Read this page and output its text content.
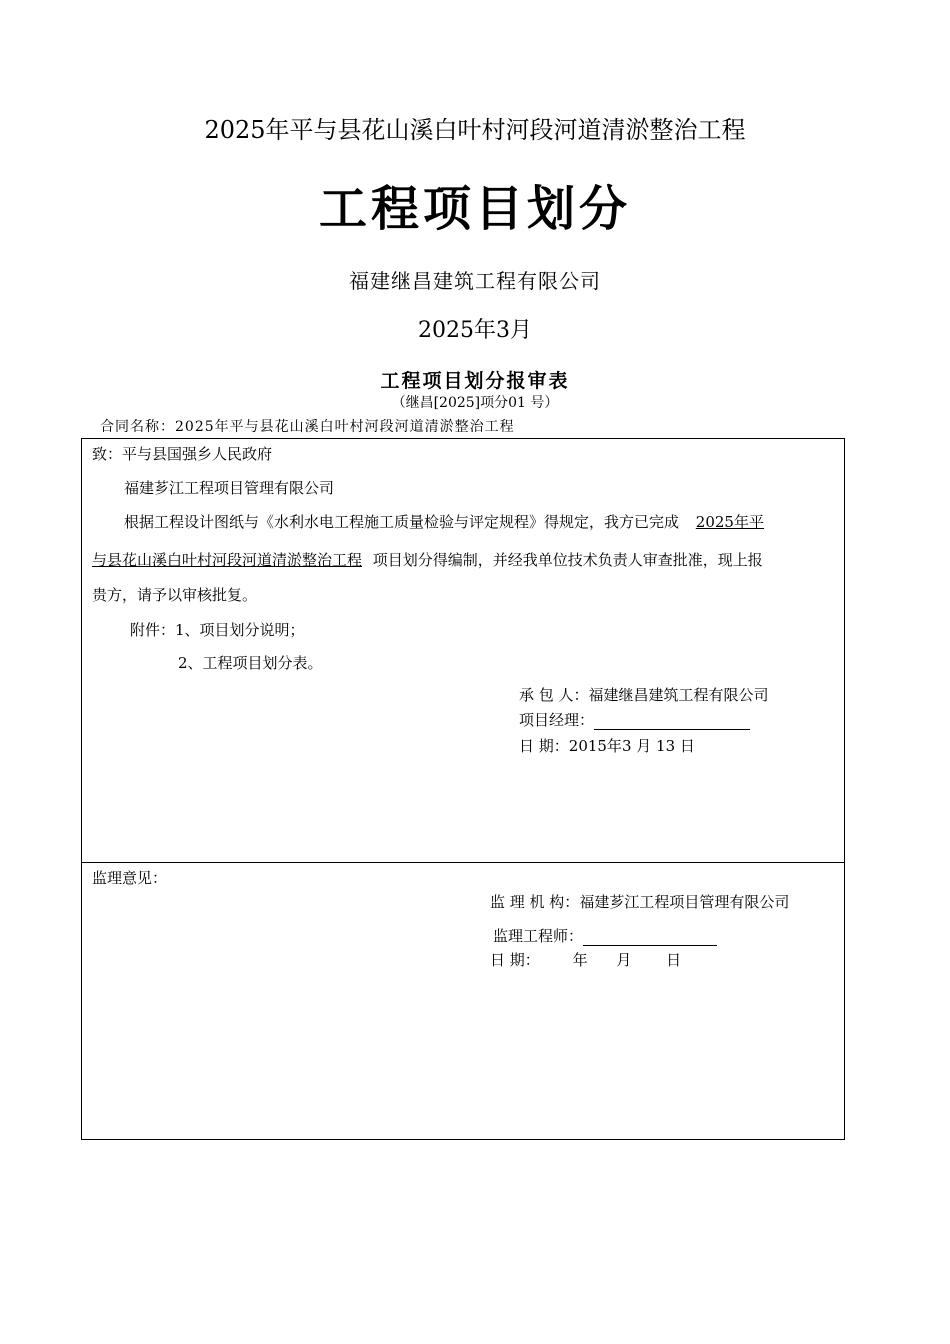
2025年平与县花山溪白叶村河段河道清淤整治工程
工程项目划分
福建继昌建筑工程有限公司
2025年3月
工程项目划分报审表
（继昌[2025]项分01 号）
合同名称：2025年平与县花山溪白叶村河段河道清淤整治工程
致：平与县国强乡人民政府
福建芗江工程项目管理有限公司
根据工程设计图纸与《水利水电工程施工质量检验与评定规程》得规定，我方已完成 2025年平
与县花山溪白叶村河段河道清淤整治工程 项目划分得编制，并经我单位技术负责人审查批准，现上报
贵方，请予以审核批复。
附件：1、项目划分说明；
2、工程项目划分表。
承 包 人：福建继昌建筑工程有限公司
项目经理：
日 期：2015年3 月 13 日
监理意见：
监 理 机 构：福建芗江工程项目管理有限公司
监理工程师：
日 期： 年 月 日
